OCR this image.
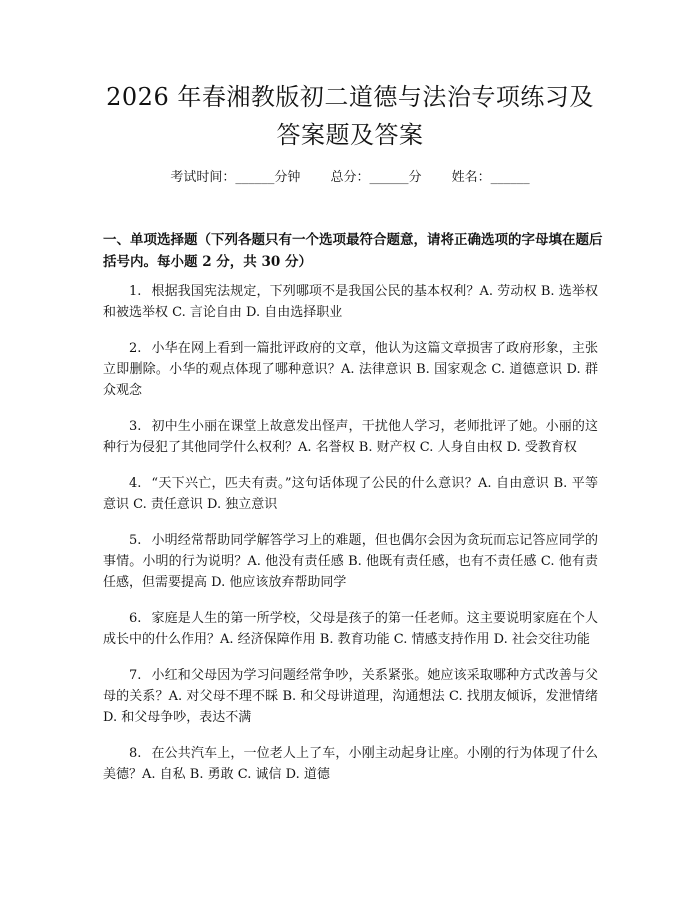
2026 年春湘教版初二道德与法治专项练习及
答案题及答案
考试时间：______分钟 总分：______分 姓名：______
一、单项选择题（下列各题只有一个选项最符合题意，请将正确选项的字母填在题后括号内。每小题 2 分，共 30 分）

1. 根据我国宪法规定，下列哪项不是我国公民的基本权利？A. 劳动权 B. 选举权和被选举权 C. 言论自由 D. 自由选择职业

2. 小华在网上看到一篇批评政府的文章，他认为这篇文章损害了政府形象，主张立即删除。小华的观点体现了哪种意识？A. 法律意识 B. 国家观念 C. 道德意识 D. 群众观念

3. 初中生小丽在课堂上故意发出怪声，干扰他人学习，老师批评了她。小丽的这种行为侵犯了其他同学什么权利？A. 名誉权 B. 财产权 C. 人身自由权 D. 受教育权

4. “天下兴亡，匹夫有责。”这句话体现了公民的什么意识？A. 自由意识 B. 平等意识 C. 责任意识 D. 独立意识

5. 小明经常帮助同学解答学习上的难题，但也偶尔会因为贪玩而忘记答应同学的事情。小明的行为说明？A. 他没有责任感 B. 他既有责任感，也有不责任感 C. 他有责任感，但需要提高 D. 他应该放弃帮助同学

6. 家庭是人生的第一所学校，父母是孩子的第一任老师。这主要说明家庭在个人成长中的什么作用？A. 经济保障作用 B. 教育功能 C. 情感支持作用 D. 社会交往功能

7. 小红和父母因为学习问题经常争吵，关系紧张。她应该采取哪种方式改善与父母的关系？A. 对父母不理不睬 B. 和父母讲道理，沟通想法 C. 找朋友倾诉，发泄情绪 D. 和父母争吵，表达不满

8. 在公共汽车上，一位老人上了车，小刚主动起身让座。小刚的行为体现了什么美德？A. 自私 B. 勇敢 C. 诚信 D. 道德
